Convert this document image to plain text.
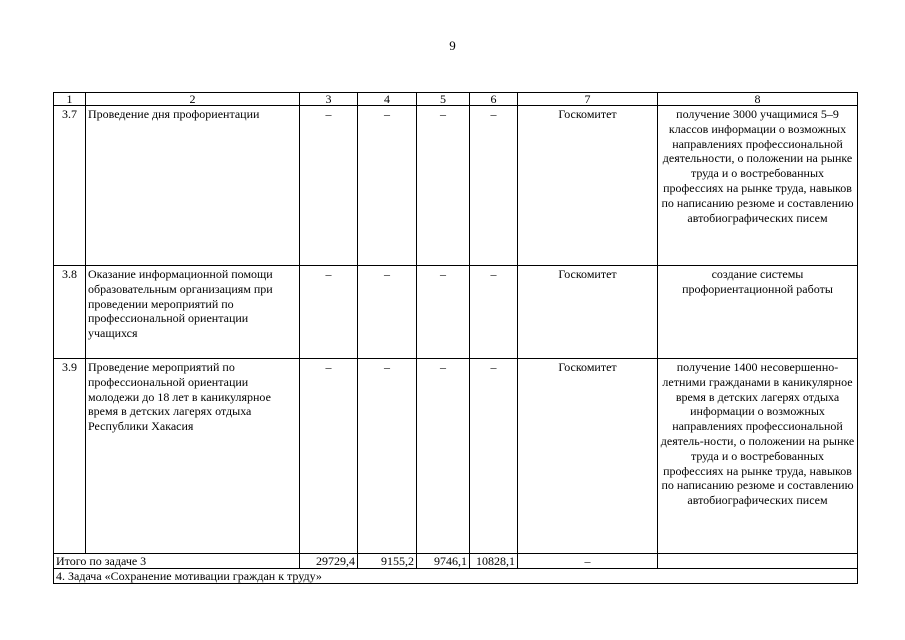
9
1	2	3	4	5	6	7	8
3.7	Проведение дня профориентации	–	–	–	–	Госкомитет	получение 3000 учащимися 5–9 классов информации о возможных направлениях профессиональной деятельности, о положении на рынке труда и о востребованных профессиях на рынке труда, навыков по написанию резюме и составлению автобиографических писем
3.8	Оказание информационной помощи образовательным организациям при проведении мероприятий по профессиональной ориентации учащихся	–	–	–	–	Госкомитет	создание системы профориентационной работы
3.9	Проведение мероприятий по профессиональной ориентации молодежи до 18 лет в каникулярное время в детских лагерях отдыха Республики Хакасия	–	–	–	–	Госкомитет	получение 1400 несовершенно-летними гражданами в каникулярное время в детских лагерях отдыха информации о возможных направлениях профессиональной деятель-ности, о положении на рынке труда и о востребованных профессиях на рынке труда, навыков по написанию резюме и составлению автобиографических писем
Итого по задаче 3		29729,4	9155,2	9746,1	10828,1	–	
4. Задача «Сохранение мотивации граждан к труду»							
